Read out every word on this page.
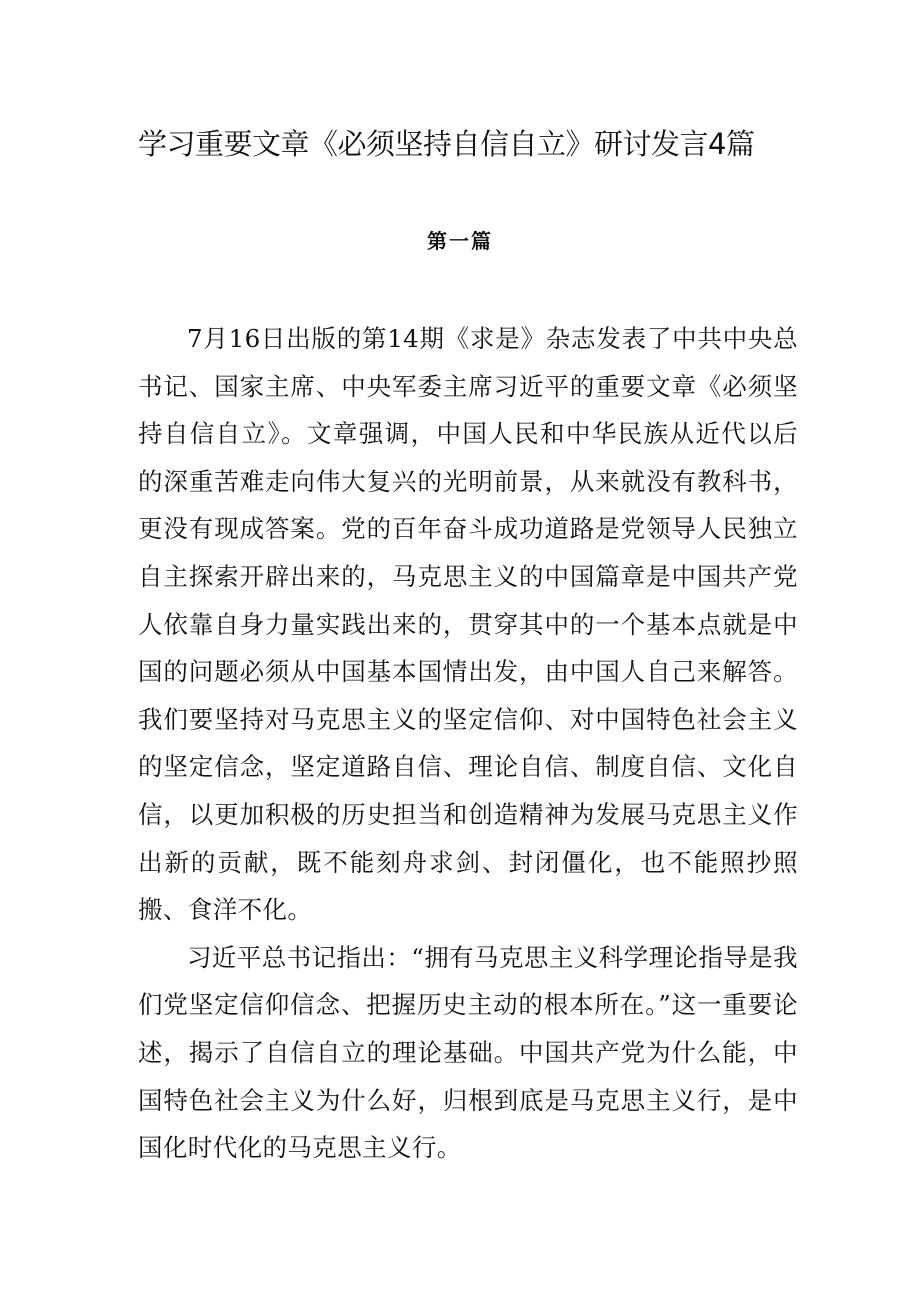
学习重要文章《必须坚持自信自立》研讨发言4篇
第一篇

7月16日出版的第14期《求是》杂志发表了中共中央总书记、国家主席、中央军委主席习近平的重要文章《必须坚持自信自立》。文章强调，中国人民和中华民族从近代以后的深重苦难走向伟大复兴的光明前景，从来就没有教科书，更没有现成答案。党的百年奋斗成功道路是党领导人民独立自主探索开辟出来的，马克思主义的中国篇章是中国共产党人依靠自身力量实践出来的，贯穿其中的一个基本点就是中国的问题必须从中国基本国情出发，由中国人自己来解答。我们要坚持对马克思主义的坚定信仰、对中国特色社会主义的坚定信念，坚定道路自信、理论自信、制度自信、文化自信，以更加积极的历史担当和创造精神为发展马克思主义作出新的贡献，既不能刻舟求剑、封闭僵化，也不能照抄照搬、食洋不化。

习近平总书记指出：“拥有马克思主义科学理论指导是我们党坚定信仰信念、把握历史主动的根本所在。”这一重要论述，揭示了自信自立的理论基础。中国共产党为什么能，中国特色社会主义为什么好，归根到底是马克思主义行，是中国化时代化的马克思主义行。
